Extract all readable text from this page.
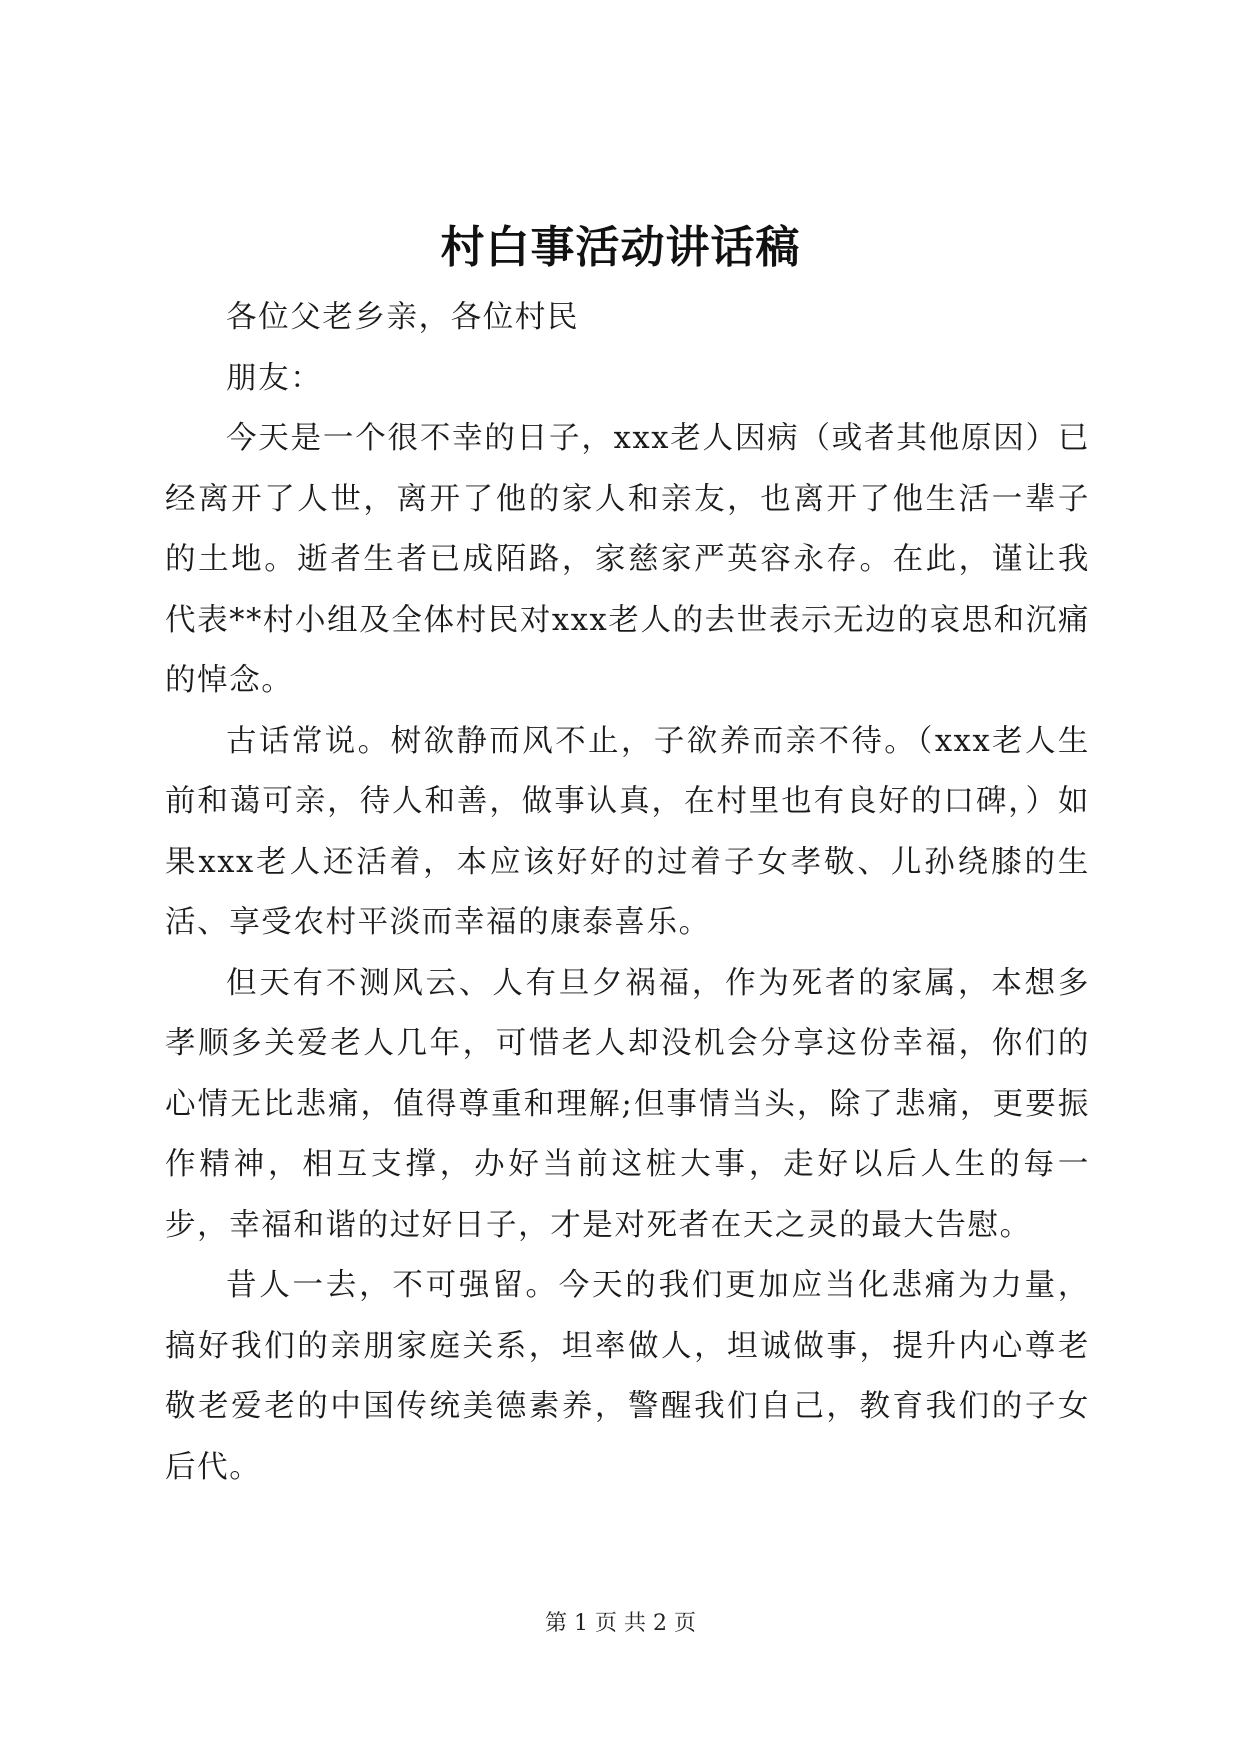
村白事活动讲话稿

各位父老乡亲，各位村民

朋友：

今天是一个很不幸的日子，xxx老人因病（或者其他原因）已经离开了人世，离开了他的家人和亲友，也离开了他生活一辈子的土地。逝者生者已成陌路，家慈家严英容永存。在此，谨让我代表**村小组及全体村民对xxx老人的去世表示无边的哀思和沉痛的悼念。

古话常说。树欲静而风不止，子欲养而亲不待。（xxx老人生前和蔼可亲，待人和善，做事认真，在村里也有良好的口碑，）如果xxx老人还活着，本应该好好的过着子女孝敬、儿孙绕膝的生活、享受农村平淡而幸福的康泰喜乐。

但天有不测风云、人有旦夕祸福，作为死者的家属，本想多孝顺多关爱老人几年，可惜老人却没机会分享这份幸福，你们的心情无比悲痛，值得尊重和理解;但事情当头，除了悲痛，更要振作精神，相互支撑，办好当前这桩大事，走好以后人生的每一步，幸福和谐的过好日子，才是对死者在天之灵的最大告慰。

昔人一去，不可强留。今天的我们更加应当化悲痛为力量，搞好我们的亲朋家庭关系，坦率做人，坦诚做事，提升内心尊老敬老爱老的中国传统美德素养，警醒我们自己，教育我们的子女后代。

第 1 页 共 2 页
